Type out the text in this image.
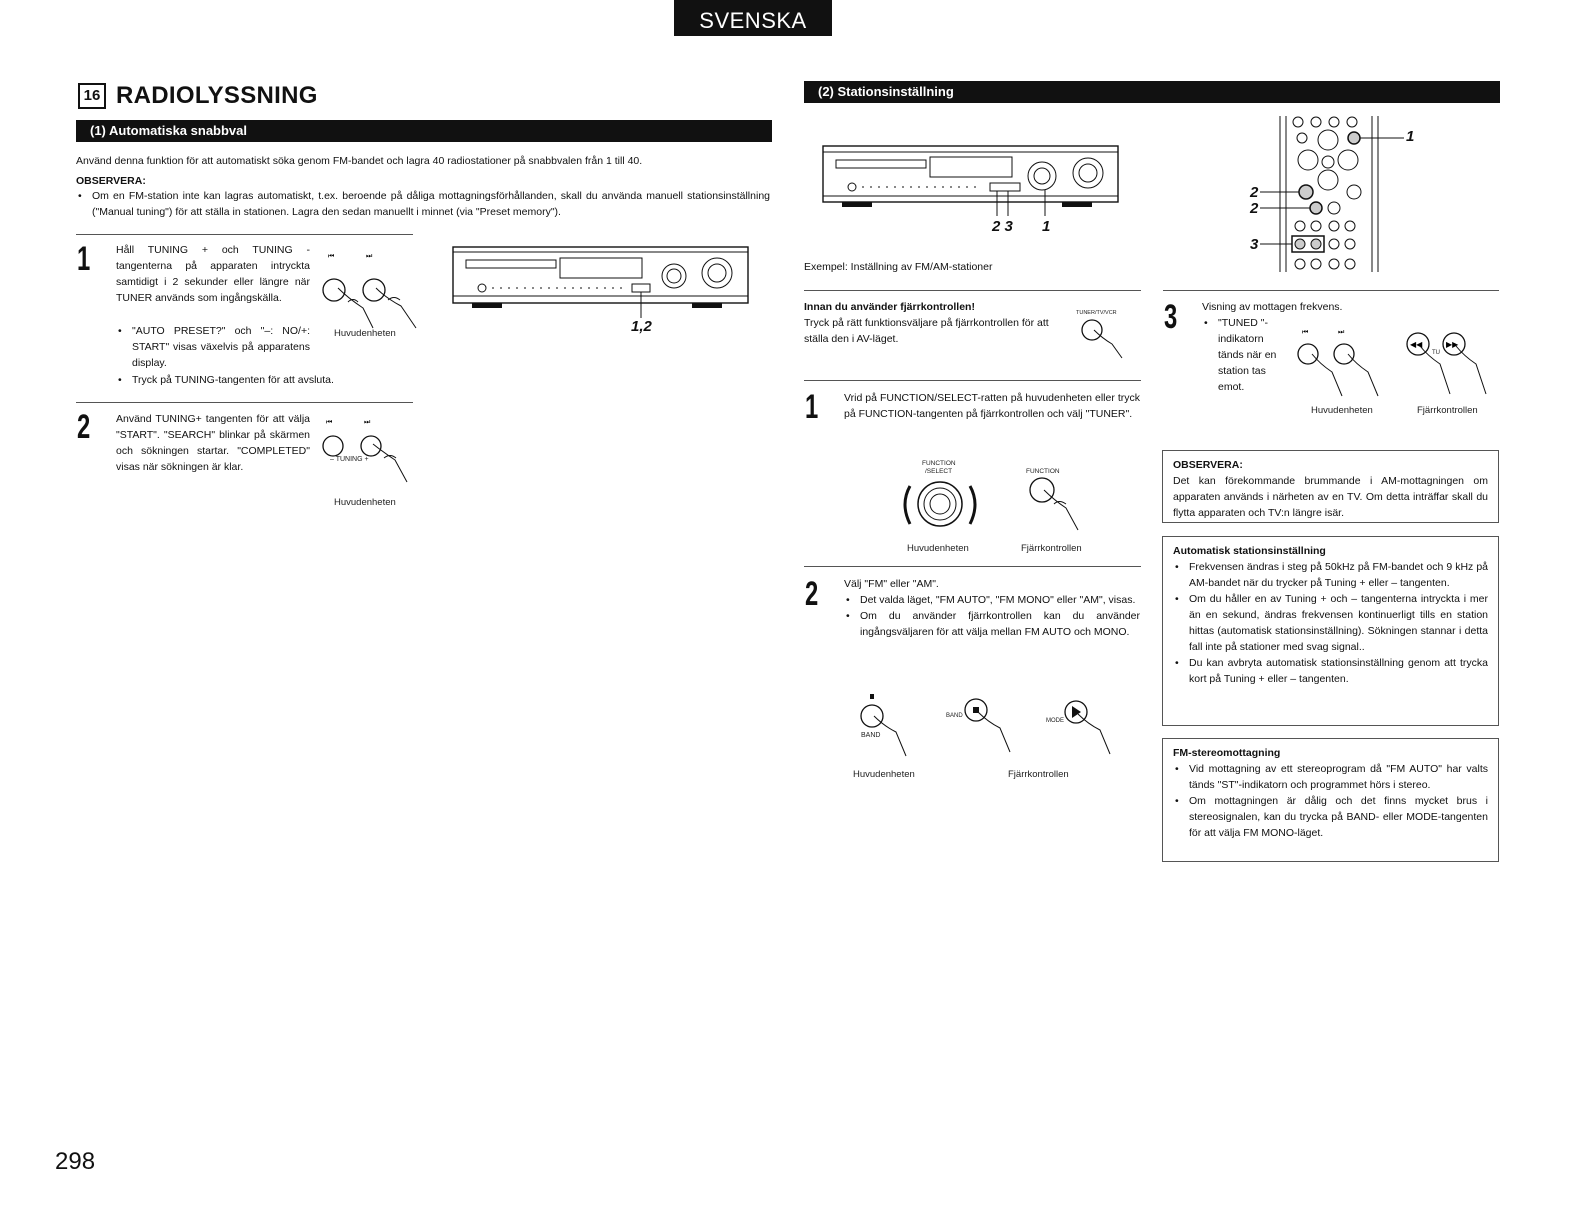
SVENSKA
16 RADIOLYSSNING
(1) Automatiska snabbval
Använd denna funktion för att automatiskt söka genom FM-bandet och lagra 40 radiostationer på snabbvalen från 1 till 40.
OBSERVERA:
• Om en FM-station inte kan lagras automatiskt, t.ex. beroende på dåliga mottagningsförhållanden, skall du använda manuell stationsinställning ("Manual tuning") för att ställa in stationen. Lagra den sedan manuellt i minnet (via "Preset memory").
1 Håll TUNING + och TUNING - tangenterna på apparaten intryckta samtidigt i 2 sekunder eller längre när TUNER används som ingångskälla.
• "AUTO PRESET?" och "–: NO/+: START" visas växelvis på apparatens display.
• Tryck på TUNING-tangenten för att avsluta.
⏮	⏭
Huvudenheten	1,2
2 Använd TUNING+ tangenten för att välja "START". "SEARCH" blinkar på skärmen och sökningen startar. "COMPLETED" visas när sökningen är klar.
⏮	⏭
– TUNING +
Huvudenheten
(2) Stationsinställning
2 3 1
1
2
2
3
Exempel: Inställning av FM/AM-stationer
Innan du använder fjärrkontrollen!
Tryck på rätt funktionsväljare på fjärrkontrollen för att ställa den i AV-läget.
TUNER/TV/VCR
1 Vrid på FUNCTION/SELECT-ratten på huvudenheten eller tryck på FUNCTION-tangenten på fjärrkontrollen och välj "TUNER".
FUNCTION
/SELECT	FUNCTION
Huvudenheten	Fjärrkontrollen
2 Välj "FM" eller "AM".
• Det valda läget, "FM AUTO", "FM MONO" eller "AM", visas.
• Om du använder fjärrkontrollen kan du använder ingångsväljaren för att välja mellan FM AUTO och MONO.
BAND
BAND
MODE
Huvudenheten	Fjärrkontrollen
3 Visning av mottagen frekvens.
• "TUNED "-indikatorn tänds när en station tas emot.
⏮	⏭
◀◀	▶▶
TU
Huvudenheten	Fjärrkontrollen
OBSERVERA:
Det kan förekommande brummande i AM-mottagningen om apparaten används i närheten av en TV. Om detta inträffar skall du flytta apparaten och TV:n längre isär.
Automatisk stationsinställning
• Frekvensen ändras i steg på 50kHz på FM-bandet och 9 kHz på AM-bandet när du trycker på Tuning + eller – tangenten.
• Om du håller en av Tuning + och – tangenterna intryckta i mer än en sekund, ändras frekvensen kontinuerligt tills en station hittas (automatisk stationsinställning). Sökningen stannar i detta fall inte på stationer med svag signal..
• Du kan avbryta automatisk stationsinställning genom att trycka kort på Tuning + eller – tangenten.
FM-stereomottagning
• Vid mottagning av ett stereoprogram då "FM AUTO" har valts tänds "ST"-indikatorn och programmet hörs i stereo.
• Om mottagningen är dålig och det finns mycket brus i stereosignalen, kan du trycka på BAND- eller MODE-tangenten för att välja FM MONO-läget.
298
